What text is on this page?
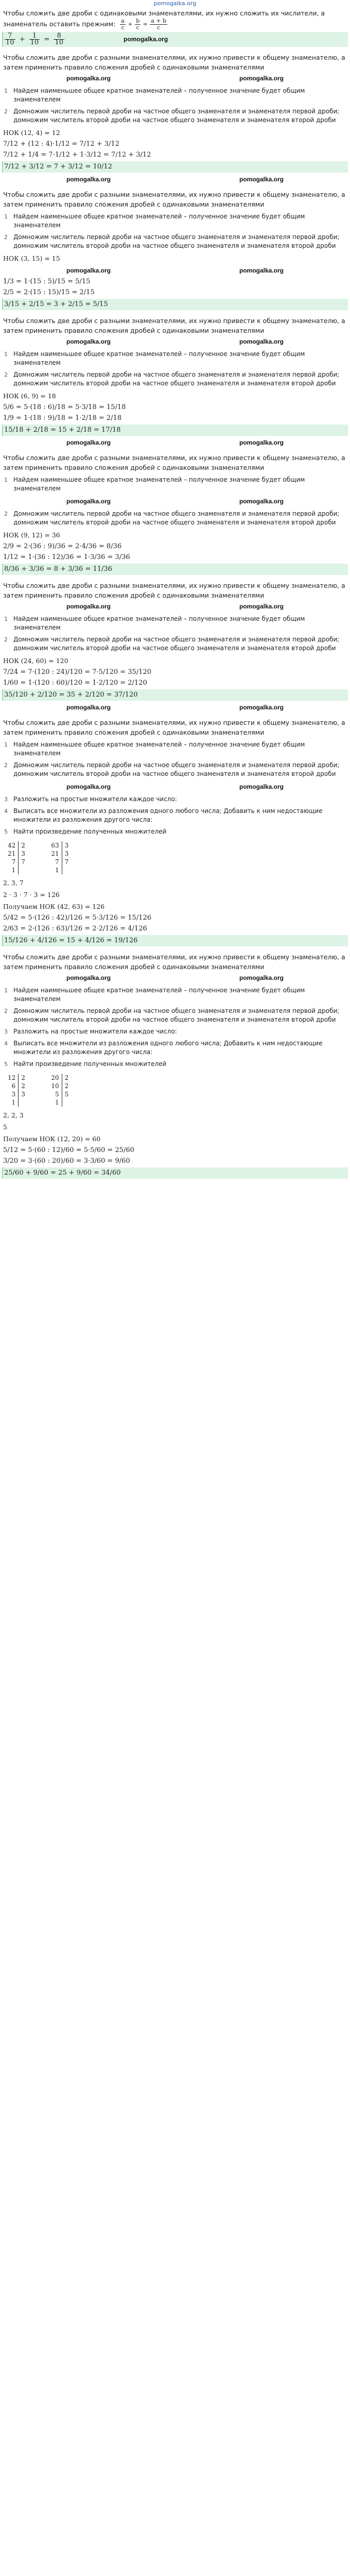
pomogalka.org
Чтобы сложить две дроби с одинаковыми знаменателями, их нужно сложить их числители, а знаменатель оставить прежним: $\frac{a}{c} + \frac{b}{c} = \frac{a + b}{c}$
$\frac{7}{10} + \frac{1}{10} = \frac{8}{10}$	pomogalka.org
Чтобы сложить две дроби с разными знаменателями, их нужно привести к общему знаменателю, а затем применить правило сложения дробей с одинаковыми знаменателями
pomogalka.org	pomogalka.org
1 Найдем наименьшее общее кратное знаменателей – полученное значение будет общим знаменателем
2 Домножим числитель первой дроби на частное общего знаменателя и знаменателя первой дроби; домножим числитель второй дроби на частное общего знаменателя и знаменателя второй дроби
НОК (12, 4) = 12
7/12 + (12 : 4)·1/12 = 7/12 + 3/12
7/12 + 1/4 = 7·1/12 + 1·3/12 = 7/12 + 3/12
7/12 + 3/12 = 7 + 3/12 = 10/12
pomogalka.org	pomogalka.org
Чтобы сложить две дроби с разными знаменателями, их нужно привести к общему знаменателю, а затем применить правило сложения дробей с одинаковыми знаменателями
1 Найдем наименьшее общее кратное знаменателей – полученное значение будет общим знаменателем
2 Домножим числитель первой дроби на частное общего знаменателя и знаменателя первой дроби; домножим числитель второй дроби на частное общего знаменателя и знаменателя второй дроби
НОК (3, 15) = 15
pomogalka.org	pomogalka.org
1/3 = 1·(15 : 5)/15 = 5/15
2/5 = 2·(15 : 15)/15 = 2/15
3/15 + 2/15 = 3 + 2/15 = 5/15
Чтобы сложить две дроби с разными знаменателями, их нужно привести к общему знаменателю, а затем применить правило сложения дробей с одинаковыми знаменателями
pomogalka.org	pomogalka.org
1 Найдем наименьшее общее кратное знаменателей – полученное значение будет общим знаменателем
2 Домножим числитель первой дроби на частное общего знаменателя и знаменателя первой дроби; домножим числитель второй дроби на частное общего знаменателя и знаменателя второй дроби
НОК (6, 9) = 18
5/6 = 5·(18 : 6)/18 = 5·3/18 = 15/18
1/9 = 1·(18 : 9)/18 = 1·2/18 = 2/18
15/18 + 2/18 = 15 + 2/18 = 17/18
pomogalka.org	pomogalka.org
Чтобы сложить две дроби с разными знаменателями, их нужно привести к общему знаменателю, а затем применить правило сложения дробей с одинаковыми знаменателями
1 Найдем наименьшее общее кратное знаменателей – полученное значение будет общим знаменателем
pomogalka.org	pomogalka.org
2 Домножим числитель первой дроби на частное общего знаменателя и знаменателя первой дроби; домножим числитель второй дроби на частное общего знаменателя и знаменателя второй дроби
НОК (9, 12) = 36
2/9 = 2·(36 : 9)/36 = 2·4/36 = 8/36
1/12 = 1·(36 : 12)/36 = 1·3/36 = 3/36
8/36 + 3/36 = 8 + 3/36 = 11/36
Чтобы сложить две дроби с разными знаменателями, их нужно привести к общему знаменателю, а затем применить правило сложения дробей с одинаковыми знаменателями
pomogalka.org	pomogalka.org
1 Найдем наименьшее общее кратное знаменателей – полученное значение будет общим знаменателем
2 Домножим числитель первой дроби на частное общего знаменателя и знаменателя первой дроби; домножим числитель второй дроби на частное общего знаменателя и знаменателя второй дроби
НОК (24, 60) = 120
7/24 = 7·(120 : 24)/120 = 7·5/120 = 35/120
1/60 = 1·(120 : 60)/120 = 1·2/120 = 2/120
35/120 + 2/120 = 35 + 2/120 = 37/120
pomogalka.org	pomogalka.org
Чтобы сложить две дроби с разными знаменателями, их нужно привести к общему знаменателю, а затем применить правило сложения дробей с одинаковыми знаменателями
1 Найдем наименьшее общее кратное знаменателей – полученное значение будет общим знаменателем
2 Домножим числитель первой дроби на частное общего знаменателя и знаменателя первой дроби; домножим числитель второй дроби на частное общего знаменателя и знаменателя второй дроби
pomogalka.org	pomogalka.org
3 Разложить на простые множители каждое число:
4 Выписать все множители из разложения одного любого числа; Добавить к ним недостающие множители из разложения другого числа:
5 Найти произведение полученных множителей
42	2
21	3
7	7
1	

63	3
21	3
7	7
1	
2, 3, 7
2 · 3 · 7 · 3 = 126
Получаем НОК (42, 63) = 126
5/42 = 5·(126 : 42)/126 = 5·3/126 = 15/126
2/63 = 2·(126 : 63)/126 = 2·2/126 = 4/126
15/126 + 4/126 = 15 + 4/126 = 19/126
Чтобы сложить две дроби с разными знаменателями, их нужно привести к общему знаменателю, а затем применить правило сложения дробей с одинаковыми знаменателями
pomogalka.org	pomogalka.org
1 Найдем наименьшее общее кратное знаменателей – полученное значение будет общим знаменателем
2 Домножим числитель первой дроби на частное общего знаменателя и знаменателя первой дроби; домножим числитель второй дроби на частное общего знаменателя и знаменателя второй дроби
3 Разложить на простые множители каждое число:
4 Выписать все множители из разложения одного любого числа; Добавить к ним недостающие множители из разложения другого числа:
5 Найти произведение полученных множителей
12	2
6	2
3	3
1	

20	2
10	2
5	5
1	
2, 2, 3
5
Получаем НОК (12, 20) = 60
5/12 = 5·(60 : 12)/60 = 5·5/60 = 25/60
3/20 = 3·(60 : 20)/60 = 3·3/60 = 9/60
25/60 + 9/60 = 25 + 9/60 = 34/60
